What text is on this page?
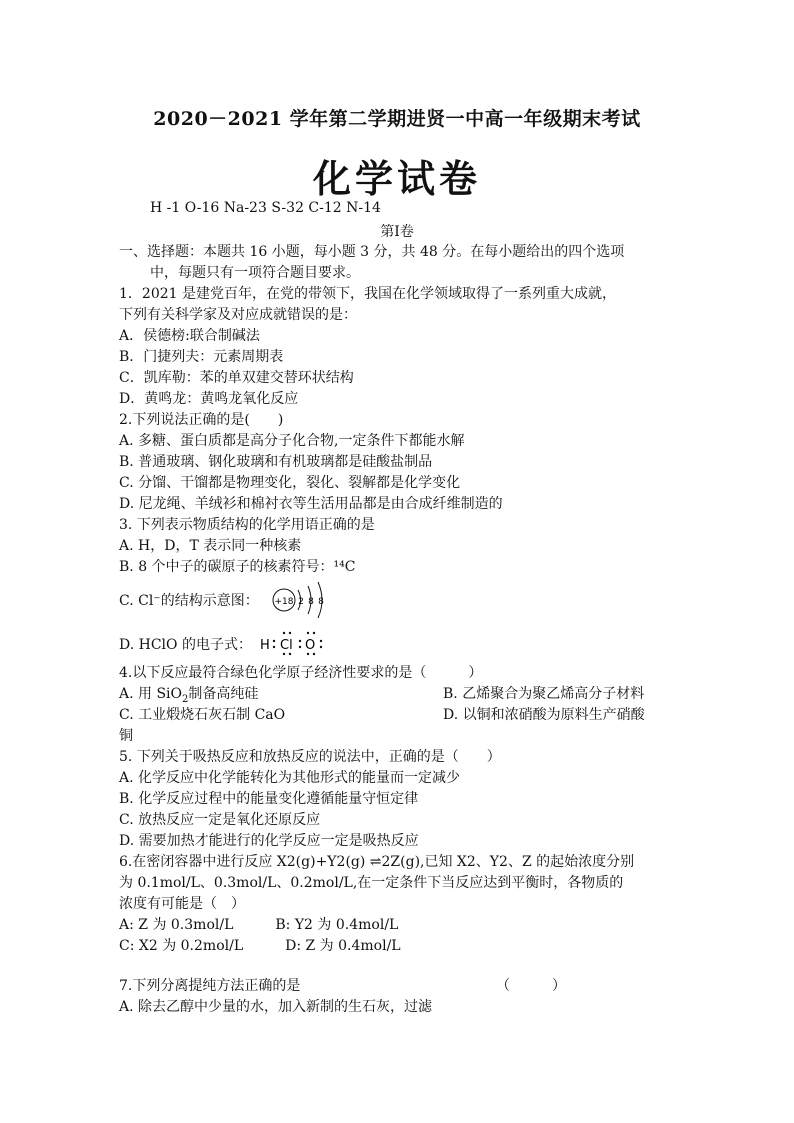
2020－2021 学年第二学期进贤一中高一年级期末考试
化学试卷
H -1 O-16 Na-23 S-32 C-12 N-14
第Ⅰ卷
一、选择题：本题共 16 小题，每小题 3 分，共 48 分。在每小题给出的四个选项
中，每题只有一项符合题目要求。
1．2021 是建党百年，在党的带领下，我国在化学领域取得了一系列重大成就，
下列有关科学家及对应成就错误的是：
A．侯德榜:联合制碱法
B．门捷列夫：元素周期表
C．凯库勒：苯的单双建交替环状结构
D．黄鸣龙：黄鸣龙氧化反应
2.下列说法正确的是(　　)
A. 多糖、蛋白质都是高分子化合物,一定条件下都能水解
B. 普通玻璃、钢化玻璃和有机玻璃都是硅酸盐制品
C. 分馏、干馏都是物理变化，裂化、裂解都是化学变化
D. 尼龙绳、羊绒衫和棉衬衣等生活用品都是由合成纤维制造的
3. 下列表示物质结构的化学用语正确的是
A. H，D，T 表示同一种核素
B. 8 个中子的碳原子的核素符号：¹⁴C
C. Cl⁻的结构示意图： +18 2 8 8
D. HClO 的电子式： H Cl O
4.以下反应最符合绿色化学原子经济性要求的是（　　　）
A. 用 SiO$_2$制备高纯硅	B. 乙烯聚合为聚乙烯高分子材料
C. 工业煅烧石灰石制 CaO	D. 以铜和浓硝酸为原料生产硝酸
铜
5. 下列关于吸热反应和放热反应的说法中，正确的是（　　）
A. 化学反应中化学能转化为其他形式的能量而一定减少
B. 化学反应过程中的能量变化遵循能量守恒定律
C. 放热反应一定是氧化还原反应
D. 需要加热才能进行的化学反应一定是吸热反应
6.在密闭容器中进行反应 X2(g)+Y2(g) ⇌2Z(g),已知 X2、Y2、Z 的起始浓度分别
为 0.1mol/L、0.3mol/L、0.2mol/L,在一定条件下当反应达到平衡时，各物质的
浓度有可能是（　）
A: Z 为 0.3mol/L　　　B: Y2 为 0.4mol/L
C: X2 为 0.2mol/L　　　D: Z 为 0.4mol/L
7.下列分离提纯方法正确的是	（　　　）
A. 除去乙醇中少量的水，加入新制的生石灰，过滤
